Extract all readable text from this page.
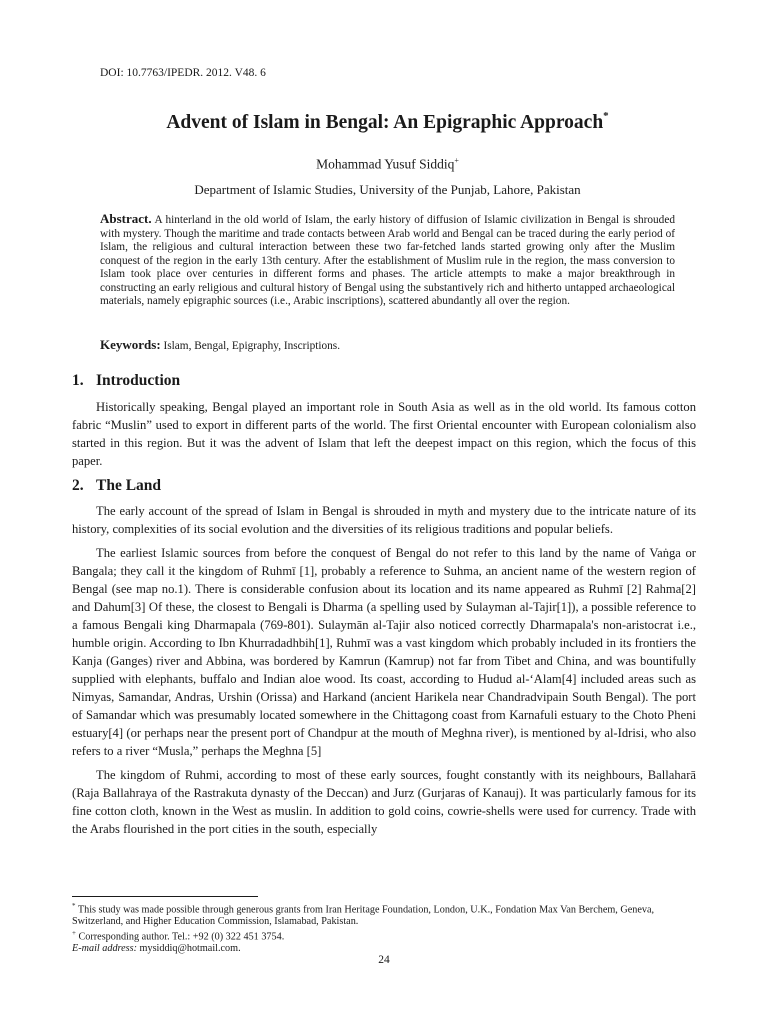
DOI: 10.7763/IPEDR. 2012. V48. 6
Advent of Islam in Bengal: An Epigraphic Approach*
Mohammad Yusuf Siddiq+
Department of Islamic Studies, University of the Punjab, Lahore, Pakistan
Abstract. A hinterland in the old world of Islam, the early history of diffusion of Islamic civilization in Bengal is shrouded with mystery. Though the maritime and trade contacts between Arab world and Bengal can be traced during the early period of Islam, the religious and cultural interaction between these two far-fetched lands started growing only after the Muslim conquest of the region in the early 13th century. After the establishment of Muslim rule in the region, the mass conversion to Islam took place over centuries in different forms and phases. The article attempts to make a major breakthrough in constructing an early religious and cultural history of Bengal using the substantively rich and hitherto untapped archaeological materials, namely epigraphic sources (i.e., Arabic inscriptions), scattered abundantly all over the region.
Keywords: Islam, Bengal, Epigraphy, Inscriptions.
1. Introduction

Historically speaking, Bengal played an important role in South Asia as well as in the old world. Its famous cotton fabric “Muslin” used to export in different parts of the world. The first Oriental encounter with European colonialism also started in this region. But it was the advent of Islam that left the deepest impact on this region, which the focus of this paper.

2. The Land

The early account of the spread of Islam in Bengal is shrouded in myth and mystery due to the intricate nature of its history, complexities of its social evolution and the diversities of its religious traditions and popular beliefs.

The earliest Islamic sources from before the conquest of Bengal do not refer to this land by the name of Vaṅga or Bangala; they call it the kingdom of Ruhmī [1], probably a reference to Suhma, an ancient name of the western region of Bengal (see map no.1). There is considerable confusion about its location and its name appeared as Ruhmī [2] Rahma[2] and Dahum[3] Of these, the closest to Bengali is Dharma (a spelling used by Sulayman al-Tajir[1]), a possible reference to a famous Bengali king Dharmapala (769-801). Sulaymān al-Tajir also noticed correctly Dharmapala's non-aristocrat i.e., humble origin. According to Ibn Khurradadhbih[1], Ruhmī was a vast kingdom which probably included in its frontiers the Kanja (Ganges) river and Abbina, was bordered by Kamrun (Kamrup) not far from Tibet and China, and was bountifully supplied with elephants, buffalo and Indian aloe wood. Its coast, according to Hudud al-‘Alam[4] included areas such as Nimyas, Samandar, Andras, Urshin (Orissa) and Harkand (ancient Harikela near Chandradvipain South Bengal). The port of Samandar which was presumably located somewhere in the Chittagong coast from Karnafuli estuary to the Choto Pheni estuary[4] (or perhaps near the present port of Chandpur at the mouth of Meghna river), is mentioned by al-Idrisi, who also refers to a river “Musla,” perhaps the Meghna [5]

The kingdom of Ruhmi, according to most of these early sources, fought constantly with its neighbours, Ballaharā (Raja Ballahraya of the Rastrakuta dynasty of the Deccan) and Jurz (Gurjaras of Kanauj). It was particularly famous for its fine cotton cloth, known in the West as muslin. In addition to gold coins, cowrie-shells were used for currency. Trade with the Arabs flourished in the port cities in the south, especially

* This study was made possible through generous grants from Iran Heritage Foundation, London, U.K., Fondation Max Van Berchem, Geneva, Switzerland, and Higher Education Commission, Islamabad, Pakistan.
+ Corresponding author. Tel.: +92 (0) 322 451 3754.
E-mail address: mysiddiq@hotmail.com.
24
